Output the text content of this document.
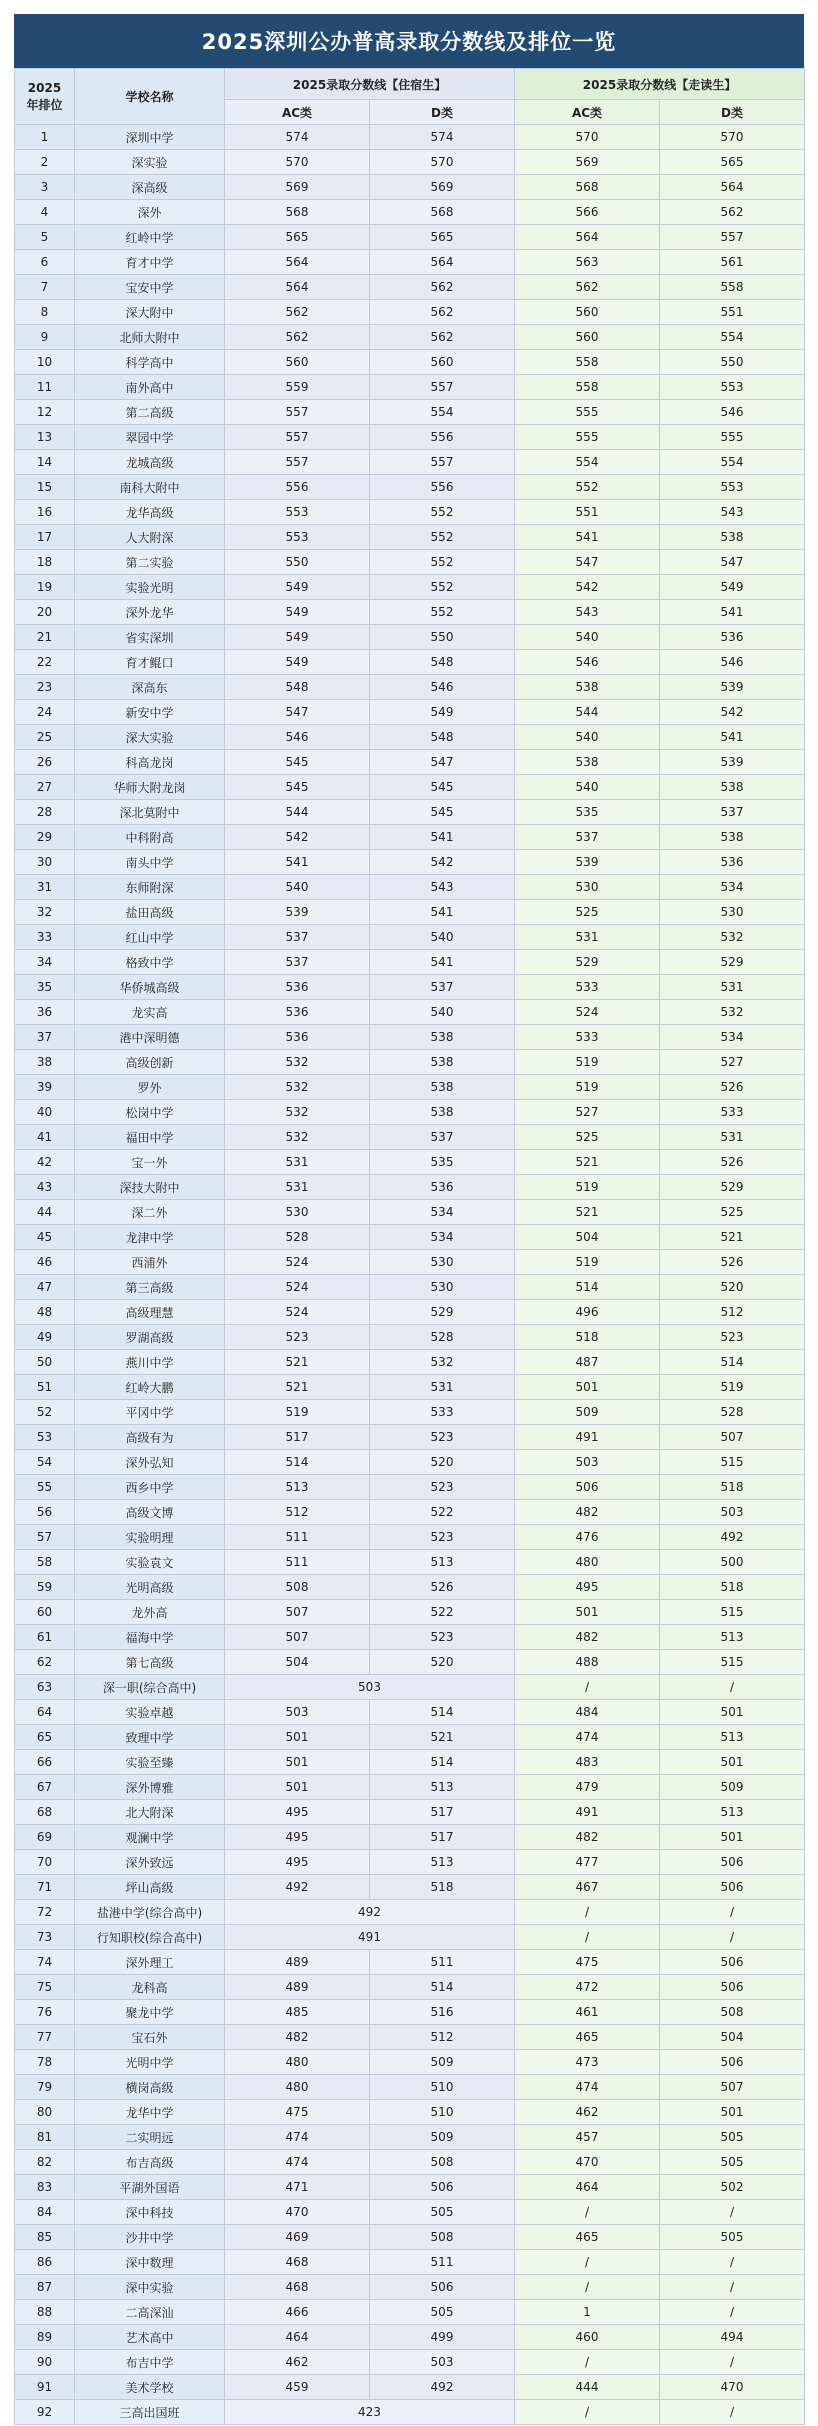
2025深圳公办普高录取分数线及排位一览
2025
年排位	学校名称	2025录取分数线【住宿生】		2025录取分数线【走读生】	
		AC类	D类	AC类	D类
1	深圳中学	574	574	570	570
2	深实验	570	570	569	565
3	深高级	569	569	568	564
4	深外	568	568	566	562
5	红岭中学	565	565	564	557
6	育才中学	564	564	563	561
7	宝安中学	564	562	562	558
8	深大附中	562	562	560	551
9	北师大附中	562	562	560	554
10	科学高中	560	560	558	550
11	南外高中	559	557	558	553
12	第二高级	557	554	555	546
13	翠园中学	557	556	555	555
14	龙城高级	557	557	554	554
15	南科大附中	556	556	552	553
16	龙华高级	553	552	551	543
17	人大附深	553	552	541	538
18	第二实验	550	552	547	547
19	实验光明	549	552	542	549
20	深外龙华	549	552	543	541
21	省实深圳	549	550	540	536
22	育才鲲口	549	548	546	546
23	深高东	548	546	538	539
24	新安中学	547	549	544	542
25	深大实验	546	548	540	541
26	科高龙岗	545	547	538	539
27	华师大附龙岗	545	545	540	538
28	深北莫附中	544	545	535	537
29	中科附高	542	541	537	538
30	南头中学	541	542	539	536
31	东师附深	540	543	530	534
32	盐田高级	539	541	525	530
33	红山中学	537	540	531	532
34	格致中学	537	541	529	529
35	华侨城高级	536	537	533	531
36	龙实高	536	540	524	532
37	港中深明德	536	538	533	534
38	高级创新	532	538	519	527
39	罗外	532	538	519	526
40	松岗中学	532	538	527	533
41	福田中学	532	537	525	531
42	宝一外	531	535	521	526
43	深技大附中	531	536	519	529
44	深二外	530	534	521	525
45	龙津中学	528	534	504	521
46	西浦外	524	530	519	526
47	第三高级	524	530	514	520
48	高级理慧	524	529	496	512
49	罗湖高级	523	528	518	523
50	燕川中学	521	532	487	514
51	红岭大鹏	521	531	501	519
52	平冈中学	519	533	509	528
53	高级有为	517	523	491	507
54	深外弘知	514	520	503	515
55	西乡中学	513	523	506	518
56	高级文博	512	522	482	503
57	实验明理	511	523	476	492
58	实验袁文	511	513	480	500
59	光明高级	508	526	495	518
60	龙外高	507	522	501	515
61	福海中学	507	523	482	513
62	第七高级	504	520	488	515
63	深一职(综合高中)	503		/	/
64	实验卓越	503	514	484	501
65	致理中学	501	521	474	513
66	实验至臻	501	514	483	501
67	深外博雅	501	513	479	509
68	北大附深	495	517	491	513
69	观澜中学	495	517	482	501
70	深外致远	495	513	477	506
71	坪山高级	492	518	467	506
72	盐港中学(综合高中)	492		/	/
73	行知职校(综合高中)	491		/	/
74	深外理工	489	511	475	506
75	龙科高	489	514	472	506
76	聚龙中学	485	516	461	508
77	宝石外	482	512	465	504
78	光明中学	480	509	473	506
79	横岗高级	480	510	474	507
80	龙华中学	475	510	462	501
81	二实明远	474	509	457	505
82	布吉高级	474	508	470	505
83	平湖外国语	471	506	464	502
84	深中科技	470	505	/	/
85	沙井中学	469	508	465	505
86	深中数理	468	511	/	/
87	深中实验	468	506	/	/
88	二高深汕	466	505	1	/
89	艺术高中	464	499	460	494
90	布吉中学	462	503	/	/
91	美术学校	459	492	444	470
92	三高出国班	423		/	/
